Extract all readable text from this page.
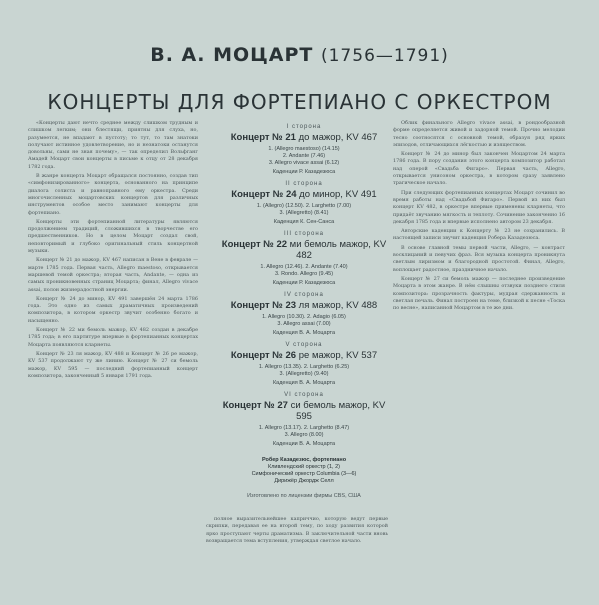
В. А. МОЦАРТ (1756—1791)
КОНЦЕРТЫ ДЛЯ ФОРТЕПИАНО С ОРКЕСТРОМ

«Концерты дают нечто среднее между слишком трудным и слишком легким; они блестящи, приятны для слуха, но, разумеется, не впадают в пустоту; то тут, то там знатоки получают истинное удовлетворение, но и незнатоки останутся довольны, сами не зная почему», — так определил Вольфганг Амадей Моцарт свои концерты в письме к отцу от 28 декабря 1782 года.

В жанре концерта Моцарт обращался постоянно, создав тип «симфонизированного» концерта, основанного на принципе диалога солиста и равноправного ему оркестра. Среди многочисленных моцартовских концертов для различных инструментов особое место занимают концерты для фортепиано.

Концерты эти фортепианной литературы являются продолжением традиций, сложившихся в творчестве его предшественников. Но в целом Моцарт создал свой, неповторимый и глубоко оригинальный стиль концертной музыки.

Концерт № 21 до мажор, KV 467 написан в Вене в феврале — марте 1785 года. Первая часть, Allegro maestoso, открывается маршевой темой оркестра; вторая часть, Andante, — одна из самых проникновенных страниц Моцарта; финал, Allegro vivace assai, полон жизнерадостной энергии.

Концерт № 24 до минор, KV 491 завершён 24 марта 1786 года. Это одно из самых драматичных произведений композитора, в котором оркестр звучит особенно богато и насыщенно.

Концерт № 22 ми бемоль мажор, KV 482 создан в декабре 1785 года; в его партитуре впервые в фортепианных концертах Моцарта появляются кларнеты.

Концерт № 23 ля мажор, KV 488 и Концерт № 26 ре мажор, KV 537 продолжают ту же линию. Концерт № 27 си бемоль мажор, KV 595 — последний фортепианный концерт композитора, законченный 5 января 1791 года.

I сторона
Концерт № 21 до мажор, KV 467
1. (Allegro maestoso) (14.15)
2. Andante (7.46)
3. Allegro vivace assai (6.12)
Каденции Р. Казадезюса
II сторона
Концерт № 24 до минор, KV 491
1. (Allegro) (12.50). 2. Larghetto (7.00)
3. (Allegretto) (8.41)
Каденция К. Сен-Санса
III сторона
Концерт № 22 ми бемоль мажор, KV 482
1. Allegro (12.46). 2. Andante (7.40)
3. Rondo. Allegro (9.45)
Каденции Р. Казадезюса
IV сторона
Концерт № 23 ля мажор, KV 488
1. Allegro (10.30). 2. Adagio (6.05)
3. Allegro assai (7.00)
Каденция В. А. Моцарта
V сторона
Концерт № 26 ре мажор, KV 537
1. Allegro (13.35). 2. Larghetto (6.25)
3. (Allegretto) (9.40)
Каденция В. А. Моцарта
VI сторона
Концерт № 27 си бемоль мажор, KV 595
1. Allegro (13.17). 2. Larghetto (8.47)
3. Allegro (8.00)
Каденции В. А. Моцарта
Робер Казадезюс, фортепиано
Кливлендский оркестр (1, 2)
Симфонический оркестр Columbia (3—6)
Дирижёр Джордж Селл
Изготовлено по лицензии фирмы CBS, США

полное выразительнейшее каприччио, которую ведут первые скрипки, передавая ее на второй тему, по ходу развития которой ярко проступают черты драматизма. В заключительной части вновь возвращается тема вступления, утверждая светлое начало.

Облик финального Allegro vivace assai, в рондообразной форме определяется живой и задорной темой. Прочно мелодии тесно соотносятся с основной темой, образуя ряд ярких эпизодов, отличающихся лёгкостью и изяществом.

Концерт № 24 до минор был закончен Моцартом 24 марта 1786 года. В пору создания этого концерта композитор работал над оперой «Свадьба Фигаро». Первая часть, Allegro, открывается унисоном оркестра, в котором сразу заявлено трагическое начало.

При следующих фортепианных концертах Моцарт сочинил во время работы над «Свадьбой Фигаро». Первой из них был концерт KV 482, в оркестре впервые применены кларнеты, что придаёт звучанию мягкость и теплоту. Сочинение законченно 16 декабря 1785 года и впервые исполнено автором 23 декабря.

Авторские каденции к Концерту № 23 не сохранились. В настоящей записи звучит каденция Робера Казадезюса.

В основе главной темы первой части, Allegro, — контраст восклицаний и певучих фраз. Вся музыка концерта проникнута светлым лиризмом и благородной простотой. Финал, Allegro, воплощает радостное, праздничное начало.

Концерт № 27 си бемоль мажор — последнее произведение Моцарта в этом жанре. В нём слышны отзвуки позднего стиля композитора: прозрачность фактуры, мудрая сдержанность и светлая печаль. Финал построен на теме, близкой к песне «Тоска по весне», написанной Моцартом в те же дни.
